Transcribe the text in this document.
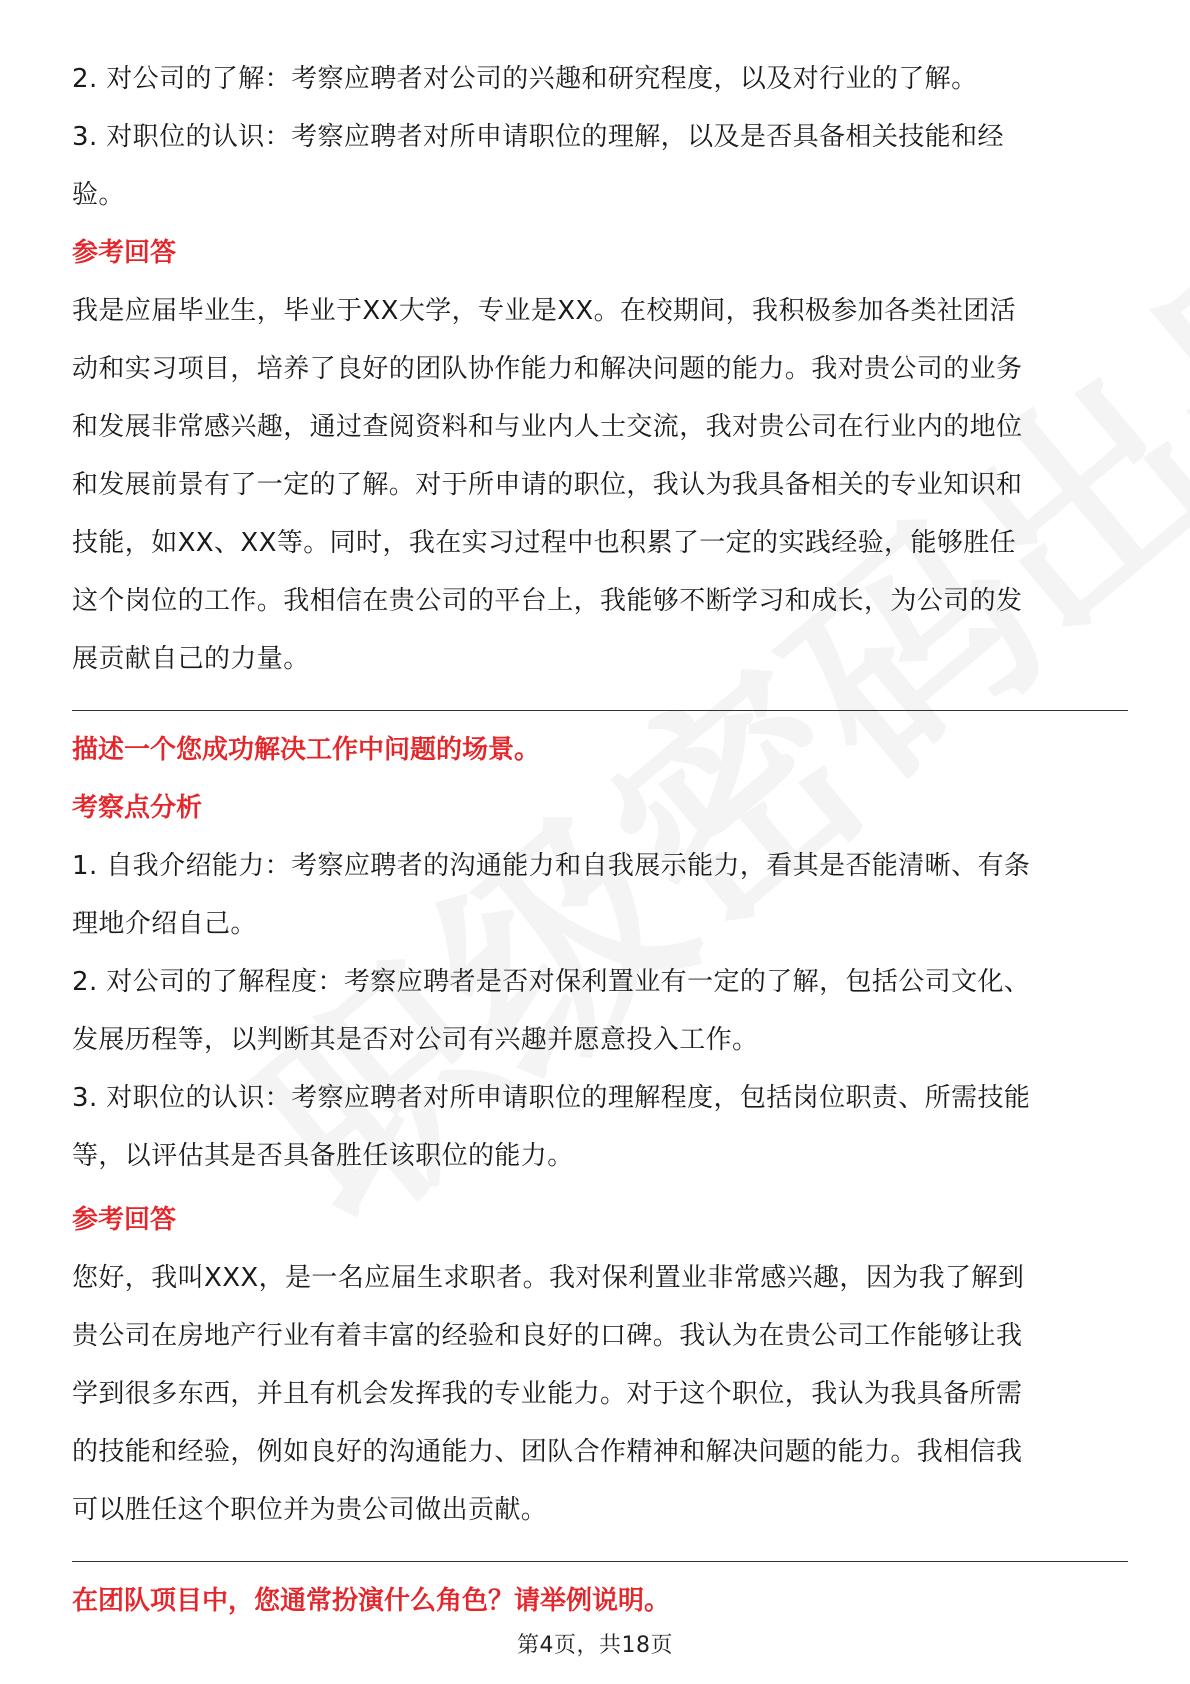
2. 对公司的了解：考察应聘者对公司的兴趣和研究程度，以及对行业的了解。

3. 对职位的认识：考察应聘者对所申请职位的理解，以及是否具备相关技能和经

验。

参考回答

我是应届毕业生，毕业于XX大学，专业是XX。在校期间，我积极参加各类社团活

动和实习项目，培养了良好的团队协作能力和解决问题的能力。我对贵公司的业务

和发展非常感兴趣，通过查阅资料和与业内人士交流，我对贵公司在行业内的地位

和发展前景有了一定的了解。对于所申请的职位，我认为我具备相关的专业知识和

技能，如XX、XX等。同时，我在实习过程中也积累了一定的实践经验，能够胜任

这个岗位的工作。我相信在贵公司的平台上，我能够不断学习和成长，为公司的发

展贡献自己的力量。

描述一个您成功解决工作中问题的场景。

考察点分析

1. 自我介绍能力：考察应聘者的沟通能力和自我展示能力，看其是否能清晰、有条

理地介绍自己。

2. 对公司的了解程度：考察应聘者是否对保利置业有一定的了解，包括公司文化、

发展历程等，以判断其是否对公司有兴趣并愿意投入工作。

3. 对职位的认识：考察应聘者对所申请职位的理解程度，包括岗位职责、所需技能

等，以评估其是否具备胜任该职位的能力。

参考回答

您好，我叫XXX，是一名应届生求职者。我对保利置业非常感兴趣，因为我了解到

贵公司在房地产行业有着丰富的经验和良好的口碑。我认为在贵公司工作能够让我

学到很多东西，并且有机会发挥我的专业能力。对于这个职位，我认为我具备所需

的技能和经验，例如良好的沟通能力、团队合作精神和解决问题的能力。我相信我

可以胜任这个职位并为贵公司做出贡献。

在团队项目中，您通常扮演什么角色？请举例说明。

第4页，共18页
